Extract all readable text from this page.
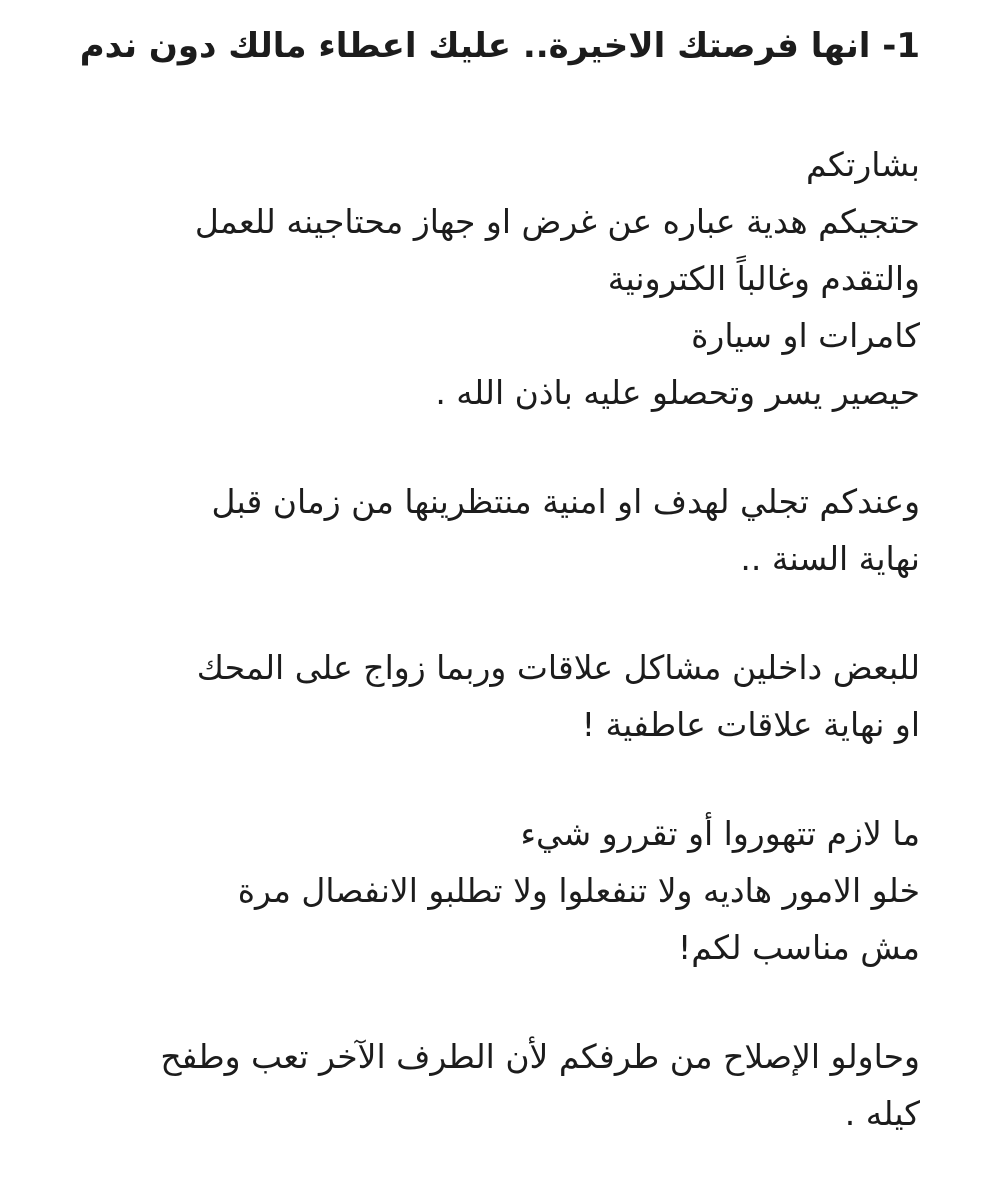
1- انها فرصتك الاخيرة.. عليك اعطاء مالك دون ندم
بشارتكم
حتجيكم هدية عباره عن غرض او جهاز محتاجينه للعمل
والتقدم وغالباً الكترونية
كامرات او سيارة
حيصير يسر وتحصلو عليه باذن الله .
وعندكم تجلي لهدف او امنية منتظرينها من زمان قبل
نهاية السنة ..
للبعض داخلين مشاكل علاقات وربما زواج على المحك
او نهاية علاقات عاطفية !
ما لازم تتهوروا أو تقررو شيء
خلو الامور هاديه ولا تنفعلوا ولا تطلبو الانفصال مرة
مش مناسب لكم!
وحاولو الإصلاح من طرفكم لأن الطرف الآخر تعب وطفح
كيله .
